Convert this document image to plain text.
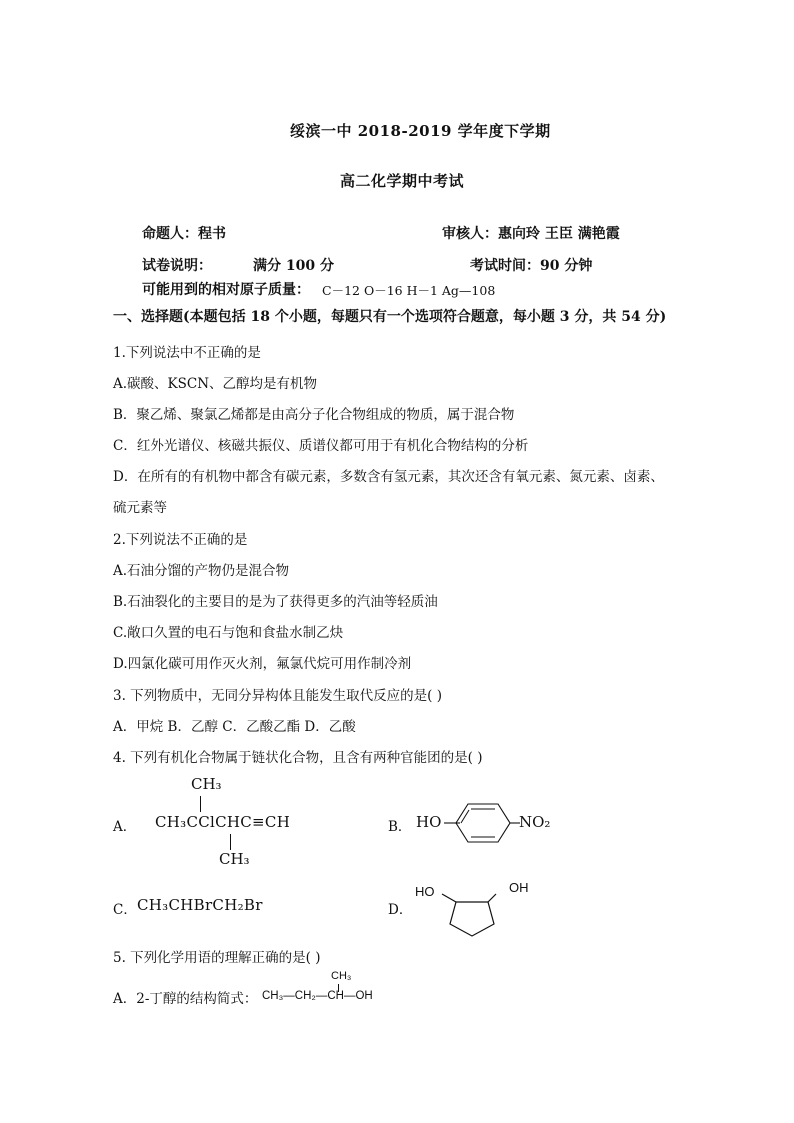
绥滨一中 2018-2019 学年度下学期
高二化学期中考试
命题人：程书	审核人：惠向玲 王臣 满艳霞
试卷说明：	满分 100 分	考试时间：90 分钟
可能用到的相对原子质量： C－12 O－16 H－1 Ag—108
一、选择题(本题包括 18 个小题，每题只有一个选项符合题意，每小题 3 分，共 54 分)
1.下列说法中不正确的是
A.碳酸、KSCN、乙醇均是有机物
B．聚乙烯、聚氯乙烯都是由高分子化合物组成的物质，属于混合物
C．红外光谱仪、核磁共振仪、质谱仪都可用于有机化合物结构的分析
D．在所有的有机物中都含有碳元素，多数含有氢元素，其次还含有氧元素、氮元素、卤素、
硫元素等
2.下列说法不正确的是
A.石油分馏的产物仍是混合物
B.石油裂化的主要目的是为了获得更多的汽油等轻质油
C.敞口久置的电石与饱和食盐水制乙炔
D.四氯化碳可用作灭火剂，氟氯代烷可用作制冷剂
3. 下列物质中，无同分异构体且能发生取代反应的是( )
A．甲烷 B．乙醇 C．乙酸乙酯 D．乙酸
4. 下列有机化合物属于链状化合物，且含有两种官能团的是( )
A．
CH₃
CH₃CClCHC≡CH
CH₃
B． HO	NO₂
C． CH₃CHBrCH₂Br	D．
HO	OH
5. 下列化学用语的理解正确的是( )
A．2-丁醇的结构简式：
CH₃
CH₃—CH₂—CH—OH
